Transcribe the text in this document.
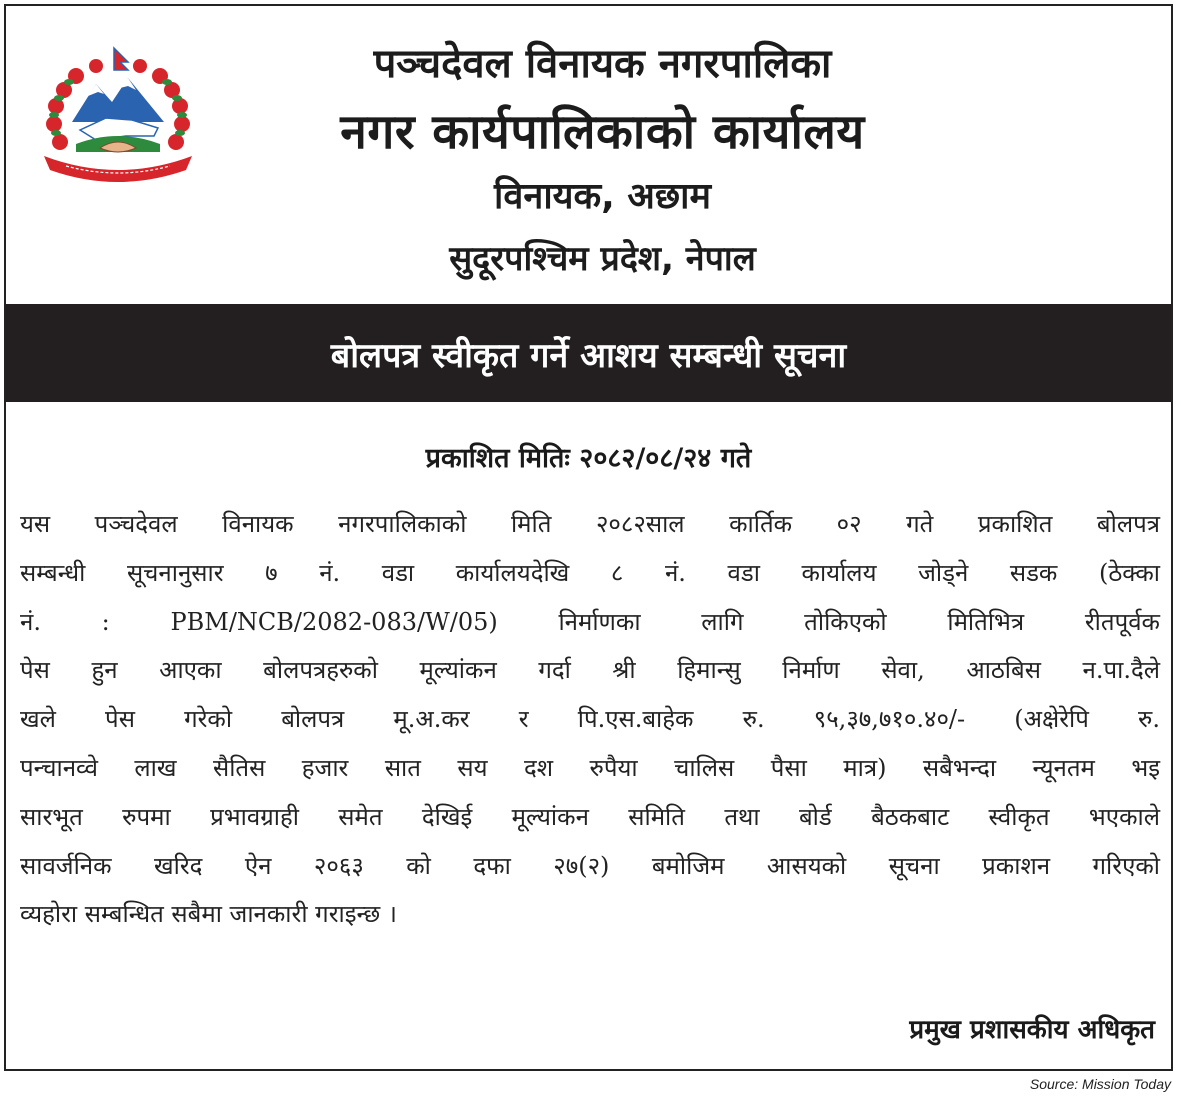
पञ्चदेवल विनायक नगरपालिका
नगर कार्यपालिकाको कार्यालय
विनायक, अछाम
सुदूरपश्चिम प्रदेश, नेपाल
बोलपत्र स्वीकृत गर्ने आशय सम्बन्धी सूचना
प्रकाशित मितिः २०८२/०८/२४ गते
यस पञ्चदेवल विनायक नगरपालिकाको मिति २०८२साल कार्तिक ०२ गते प्रकाशित बोलपत्र
सम्बन्धी सूचनानुसार ७ नं. वडा कार्यालयदेखि ८ नं. वडा कार्यालय जोड्ने सडक (ठेक्का
नं. : PBM/NCB/2082-083/W/05) निर्माणका लागि तोकिएको मितिभित्र रीतपूर्वक
पेस हुन आएका बोलपत्रहरुको मूल्यांकन गर्दा श्री हिमान्सु निर्माण सेवा, आठबिस न.पा.दैले
खले पेस गरेको बोलपत्र मू.अ.कर र पि.एस.बाहेक रु. ९५,३७,७१०.४०/- (अक्षेरेपि रु.
पन्चानव्वे लाख सैतिस हजार सात सय दश रुपैया चालिस पैसा मात्र) सबैभन्दा न्यूनतम भइ
सारभूत रुपमा प्रभावग्राही समेत देखिई मूल्यांकन समिति तथा बोर्ड बैठकबाट स्वीकृत भएकाले
सावर्जनिक खरिद ऐन २०६३ को दफा २७(२) बमोजिम आसयको सूचना प्रकाशन गरिएको
व्यहोरा सम्बन्धित सबैमा जानकारी गराइन्छ ।
प्रमुख प्रशासकीय अधिकृत
Source: Mission Today
